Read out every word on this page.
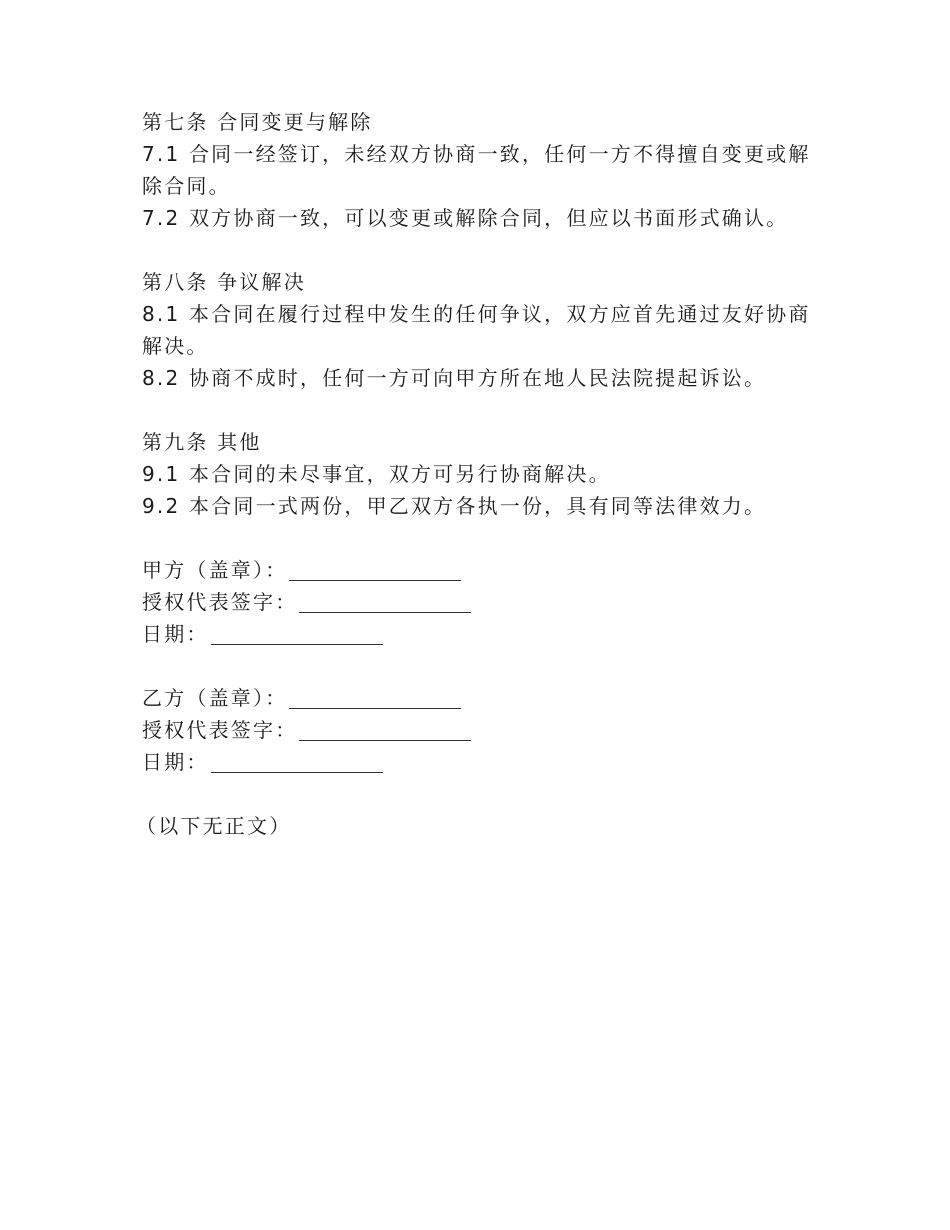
第七条 合同变更与解除
7.1 合同一经签订，未经双方协商一致，任何一方不得擅自变更或解
除合同。
7.2 双方协商一致，可以变更或解除合同，但应以书面形式确认。
第八条 争议解决
8.1 本合同在履行过程中发生的任何争议，双方应首先通过友好协商
解决。
8.2 协商不成时，任何一方可向甲方所在地人民法院提起诉讼。
第九条 其他
9.1 本合同的未尽事宜，双方可另行协商解决。
9.2 本合同一式两份，甲乙双方各执一份，具有同等法律效力。
甲方（盖章）：
授权代表签字：
日期：
乙方（盖章）：
授权代表签字：
日期：
（以下无正文）
